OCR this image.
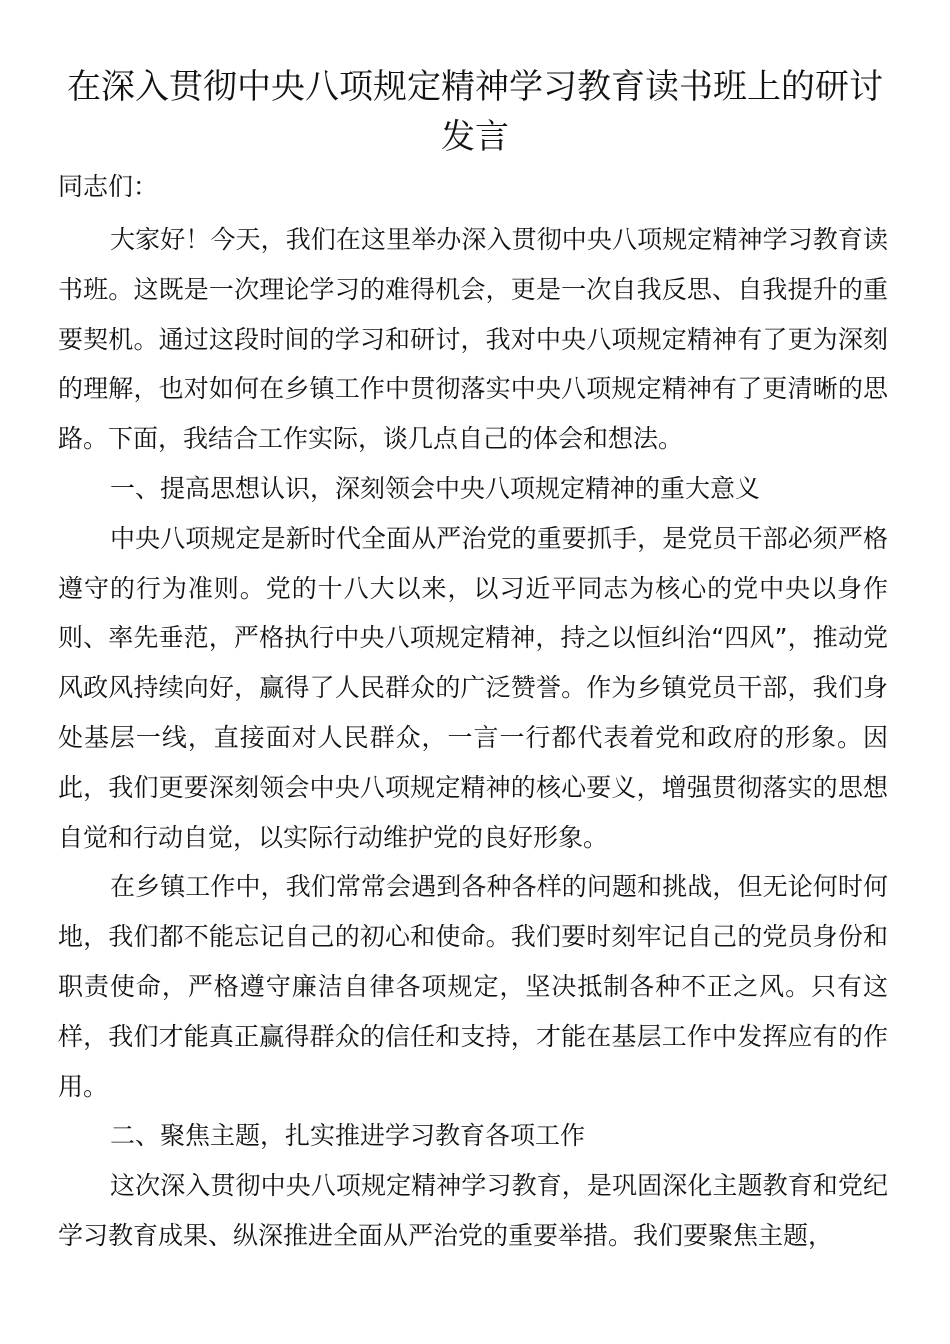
在深入贯彻中央八项规定精神学习教育读书班上的研讨发言
同志们：

大家好！今天，我们在这里举办深入贯彻中央八项规定精神学习教育读书班。这既是一次理论学习的难得机会，更是一次自我反思、自我提升的重要契机。通过这段时间的学习和研讨，我对中央八项规定精神有了更为深刻的理解，也对如何在乡镇工作中贯彻落实中央八项规定精神有了更清晰的思路。下面，我结合工作实际，谈几点自己的体会和想法。

一、提高思想认识，深刻领会中央八项规定精神的重大意义

中央八项规定是新时代全面从严治党的重要抓手，是党员干部必须严格遵守的行为准则。党的十八大以来，以习近平同志为核心的党中央以身作则、率先垂范，严格执行中央八项规定精神，持之以恒纠治“四风”，推动党风政风持续向好，赢得了人民群众的广泛赞誉。作为乡镇党员干部，我们身处基层一线，直接面对人民群众，一言一行都代表着党和政府的形象。因此，我们更要深刻领会中央八项规定精神的核心要义，增强贯彻落实的思想自觉和行动自觉，以实际行动维护党的良好形象。

在乡镇工作中，我们常常会遇到各种各样的问题和挑战，但无论何时何地，我们都不能忘记自己的初心和使命。我们要时刻牢记自己的党员身份和职责使命，严格遵守廉洁自律各项规定，坚决抵制各种不正之风。只有这样，我们才能真正赢得群众的信任和支持，才能在基层工作中发挥应有的作用。

二、聚焦主题，扎实推进学习教育各项工作

这次深入贯彻中央八项规定精神学习教育，是巩固深化主题教育和党纪学习教育成果、纵深推进全面从严治党的重要举措。我们要聚焦主题，
